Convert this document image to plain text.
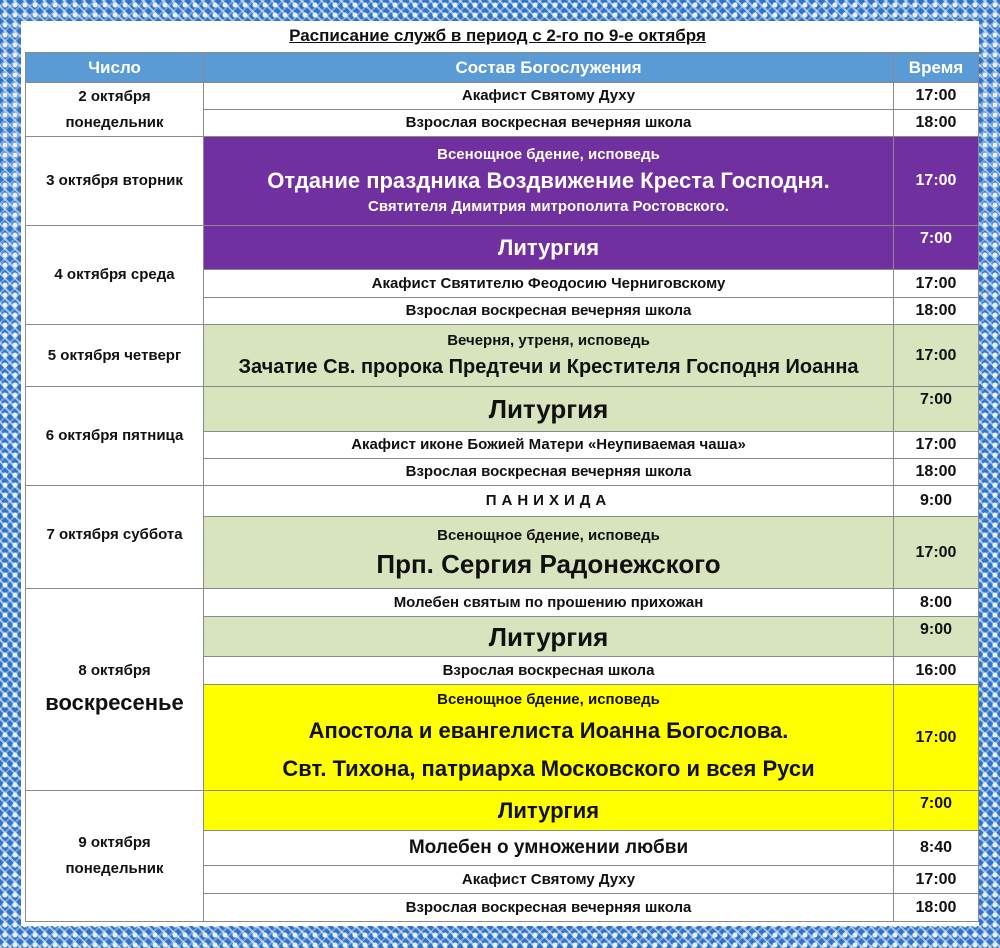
Расписание служб в период с 2-го по 9-е октября
Число	Состав Богослужения	Время
2 октября
понедельник	Акафист Святому Духу	17:00
	Взрослая воскресная вечерняя школа	18:00
3 октября вторник	Всенощное бдение, исповедь
Отдание праздника Воздвижение Креста Господня.
Святителя Димитрия митрополита Ростовского.	17:00
4 октября среда	Литургия	7:00
	Акафист Святителю Феодосию Черниговскому	17:00
	Взрослая воскресная вечерняя школа	18:00
5 октября четверг	Вечерня, утреня, исповедь
Зачатие Св. пророка Предтечи и Крестителя Господня Иоанна	17:00
6 октября пятница	Литургия	7:00
	Акафист иконе Божией Матери «Неупиваемая чаша»	17:00
	Взрослая воскресная вечерняя школа	18:00
7 октября суббота	ПАНИХИДА	9:00

	Всенощное бдение, исповедь
Прп. Сергия Радонежского	17:00
8 октября
воскресенье	Молебен святым по прошению прихожан	8:00

	Литургия	9:00
	Взрослая воскресная школа	16:00

	Всенощное бдение, исповедь
Апостола и евангелиста Иоанна Богослова.
Свт. Тихона, патриарха Московского и всея Руси	17:00
9 октября
понедельник	Литургия	7:00
	Молебен о умножении любви	8:40
	Акафист Святому Духу	17:00
	Взрослая воскресная вечерняя школа	18:00
